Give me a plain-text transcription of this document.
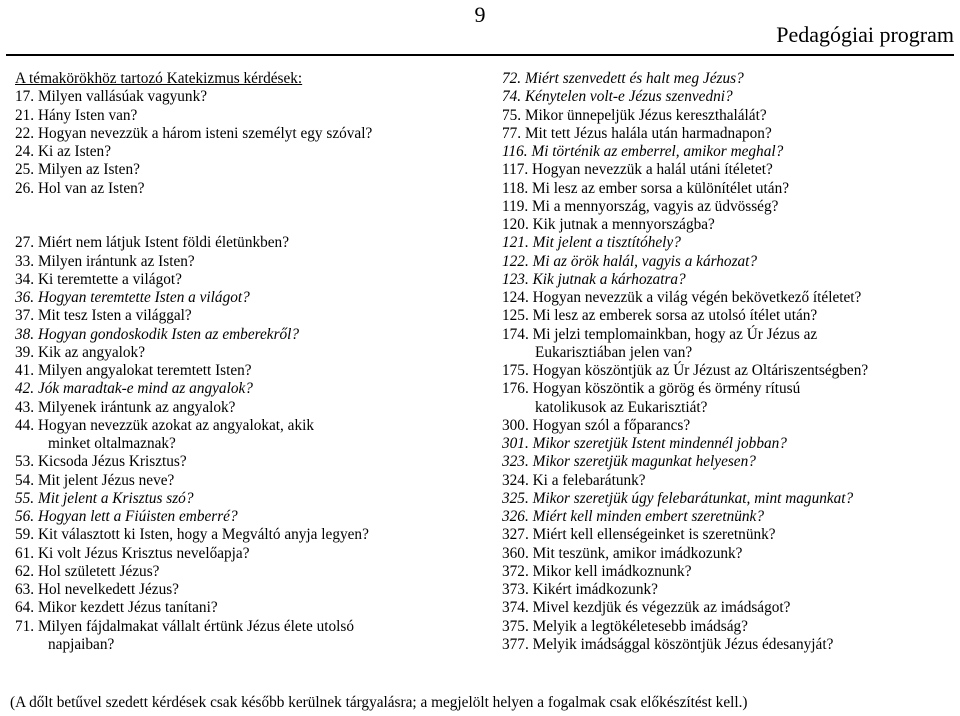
9
Pedagógiai program
A témakörökhöz tartozó Katekizmus kérdések:
17. Milyen vallásúak vagyunk?
21. Hány Isten van?
22. Hogyan nevezzük a három isteni személyt egy szóval?
24. Ki az Isten?
25. Milyen az Isten?
26. Hol van az Isten?
27. Miért nem látjuk Istent földi életünkben?
33. Milyen irántunk az Isten?
34. Ki teremtette a világot?
36. Hogyan teremtette Isten a világot?
37. Mit tesz Isten a világgal?
38. Hogyan gondoskodik Isten az emberekről?
39. Kik az angyalok?
41. Milyen angyalokat teremtett Isten?
42. Jók maradtak-e mind az angyalok?
43. Milyenek irántunk az angyalok?
44. Hogyan nevezzük azokat az angyalokat, akik
minket oltalmaznak?
53. Kicsoda Jézus Krisztus?
54. Mit jelent Jézus neve?
55. Mit jelent a Krisztus szó?
56. Hogyan lett a Fiúisten emberré?
59. Kit választott ki Isten, hogy a Megváltó anyja legyen?
61. Ki volt Jézus Krisztus nevelőapja?
62. Hol született Jézus?
63. Hol nevelkedett Jézus?
64. Mikor kezdett Jézus tanítani?
71. Milyen fájdalmakat vállalt értünk Jézus élete utolsó
napjaiban?
72. Miért szenvedett és halt meg Jézus?
74. Kénytelen volt-e Jézus szenvedni?
75. Mikor ünnepeljük Jézus kereszthalálát?
77. Mit tett Jézus halála után harmadnapon?
116. Mi történik az emberrel, amikor meghal?
117. Hogyan nevezzük a halál utáni ítéletet?
118. Mi lesz az ember sorsa a különítélet után?
119. Mi a mennyország, vagyis az üdvösség?
120. Kik jutnak a mennyországba?
121. Mit jelent a tisztítóhely?
122. Mi az örök halál, vagyis a kárhozat?
123. Kik jutnak a kárhozatra?
124. Hogyan nevezzük a világ végén bekövetkező ítéletet?
125. Mi lesz az emberek sorsa az utolsó ítélet után?
174. Mi jelzi templomainkban, hogy az Úr Jézus az
Eukarisztiában jelen van?
175. Hogyan köszöntjük az Úr Jézust az Oltáriszentségben?
176. Hogyan köszöntik a görög és örmény rítusú
katolikusok az Eukarisztiát?
300. Hogyan szól a főparancs?
301. Mikor szeretjük Istent mindennél jobban?
323. Mikor szeretjük magunkat helyesen?
324. Ki a felebarátunk?
325. Mikor szeretjük úgy felebarátunkat, mint magunkat?
326. Miért kell minden embert szeretnünk?
327. Miért kell ellenségeinket is szeretnünk?
360. Mit teszünk, amikor imádkozunk?
372. Mikor kell imádkoznunk?
373. Kikért imádkozunk?
374. Mivel kezdjük és végezzük az imádságot?
375. Melyik a legtökéletesebb imádság?
377. Melyik imádsággal köszöntjük Jézus édesanyját?
(A dőlt betűvel szedett kérdések csak később kerülnek tárgyalásra; a megjelölt helyen a fogalmak csak előkészítést kell.)
